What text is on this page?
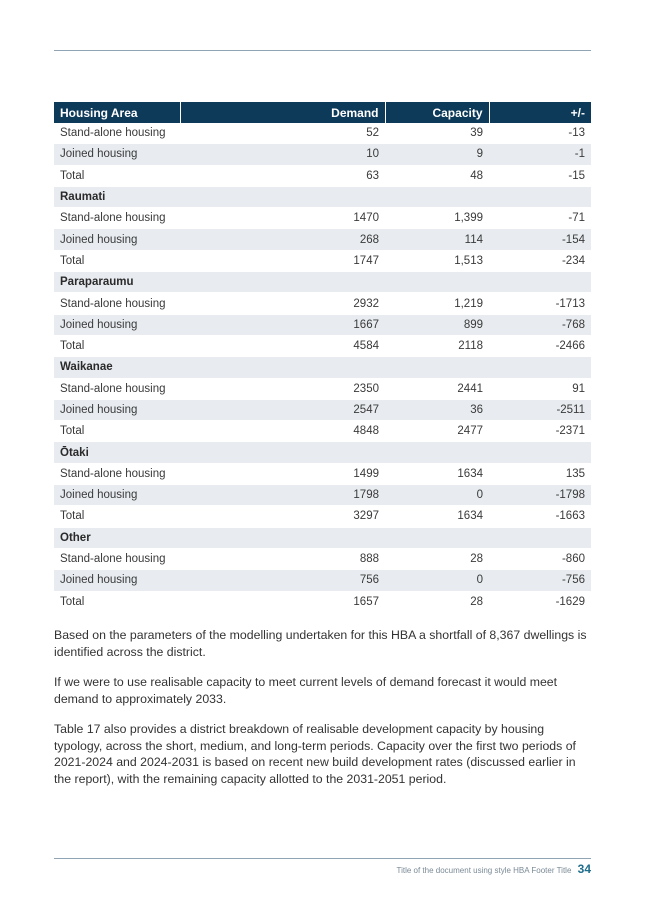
Housing Area	Demand	Capacity	+/-
Stand-alone housing	52	39	-13
Joined housing	10	9	-1
Total	63	48	-15
Raumati			
Stand-alone housing	1470	1,399	-71
Joined housing	268	114	-154
Total	1747	1,513	-234
Paraparaumu			
Stand-alone housing	2932	1,219	-1713
Joined housing	1667	899	-768
Total	4584	2118	-2466
Waikanae			
Stand-alone housing	2350	2441	91
Joined housing	2547	36	-2511
Total	4848	2477	-2371
Ōtaki			
Stand-alone housing	1499	1634	135
Joined housing	1798	0	-1798
Total	3297	1634	-1663
Other			
Stand-alone housing	888	28	-860
Joined housing	756	0	-756
Total	1657	28	-1629

Based on the parameters of the modelling undertaken for this HBA a shortfall of 8,367 dwellings is identified across the district.

If we were to use realisable capacity to meet current levels of demand forecast it would meet demand to approximately 2033.

Table 17 also provides a district breakdown of realisable development capacity by housing typology, across the short, medium, and long-term periods. Capacity over the first two periods of 2021-2024 and 2024-2031 is based on recent new build development rates (discussed earlier in the report), with the remaining capacity allotted to the 2031-2051 period.

Title of the document using style HBA Footer Title 34
